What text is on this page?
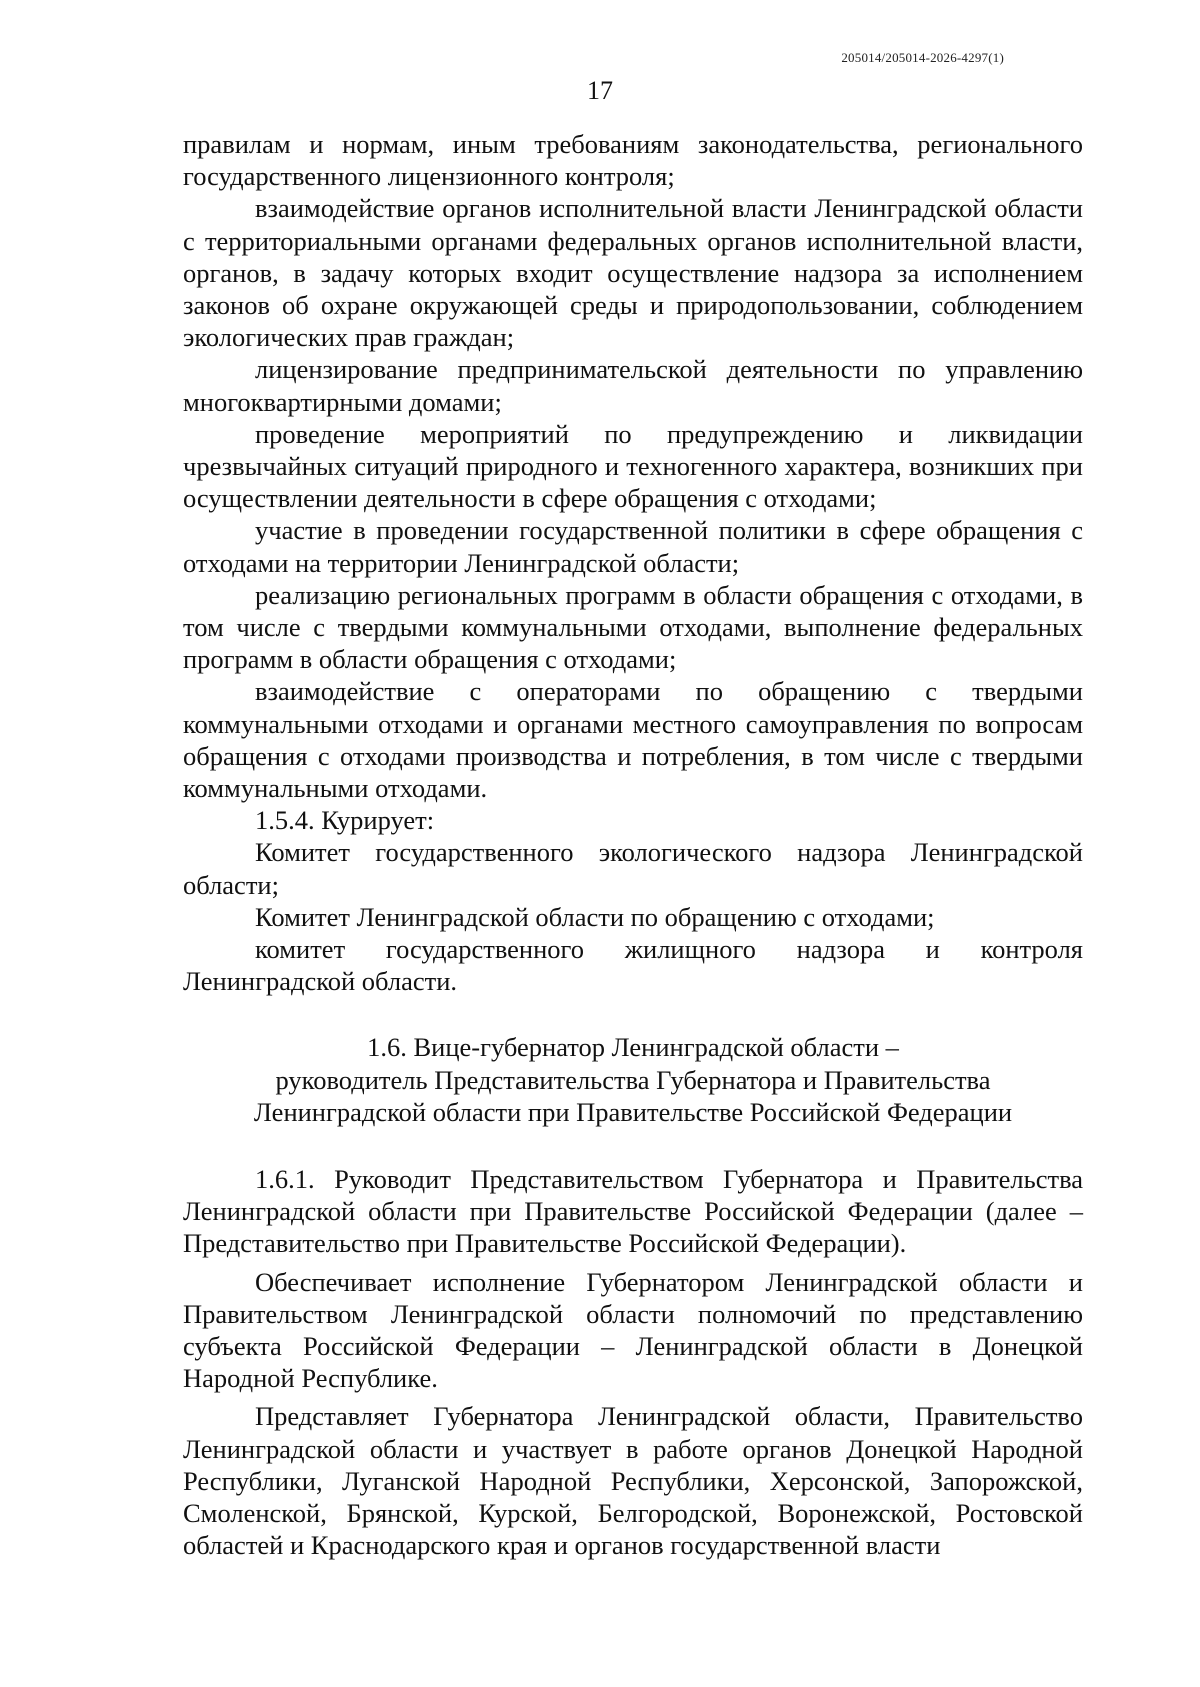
205014/205014-2026-4297(1)
17

правилам и нормам, иным требованиям законодательства, регионального государственного лицензионного контроля;

взаимодействие органов исполнительной власти Ленинградской области с территориальными органами федеральных органов исполнительной власти, органов, в задачу которых входит осуществление надзора за исполнением законов об охране окружающей среды и природопользовании, соблюдением экологических прав граждан;

лицензирование предпринимательской деятельности по управлению многоквартирными домами;

проведение мероприятий по предупреждению и ликвидации чрезвычайных ситуаций природного и техногенного характера, возникших при осуществлении деятельности в сфере обращения с отходами;

участие в проведении государственной политики в сфере обращения с отходами на территории Ленинградской области;

реализацию региональных программ в области обращения с отходами, в том числе с твердыми коммунальными отходами, выполнение федеральных программ в области обращения с отходами;

взаимодействие с операторами по обращению с твердыми коммунальными отходами и органами местного самоуправления по вопросам обращения с отходами производства и потребления, в том числе с твердыми коммунальными отходами.

1.5.4. Курирует:

Комитет государственного экологического надзора Ленинградской области;

Комитет Ленинградской области по обращению с отходами;

комитет государственного жилищного надзора и контроля Ленинградской области.

1.6. Вице-губернатор Ленинградской области –
руководитель Представительства Губернатора и Правительства
Ленинградской области при Правительстве Российской Федерации

1.6.1. Руководит Представительством Губернатора и Правительства Ленинградской области при Правительстве Российской Федерации (далее – Представительство при Правительстве Российской Федерации).

Обеспечивает исполнение Губернатором Ленинградской области и Правительством Ленинградской области полномочий по представлению субъекта Российской Федерации – Ленинградской области в Донецкой Народной Республике.

Представляет Губернатора Ленинградской области, Правительство Ленинградской области и участвует в работе органов Донецкой Народной Республики, Луганской Народной Республики, Херсонской, Запорожской, Смоленской, Брянской, Курской, Белгородской, Воронежской, Ростовской областей и Краснодарского края и органов государственной власти
